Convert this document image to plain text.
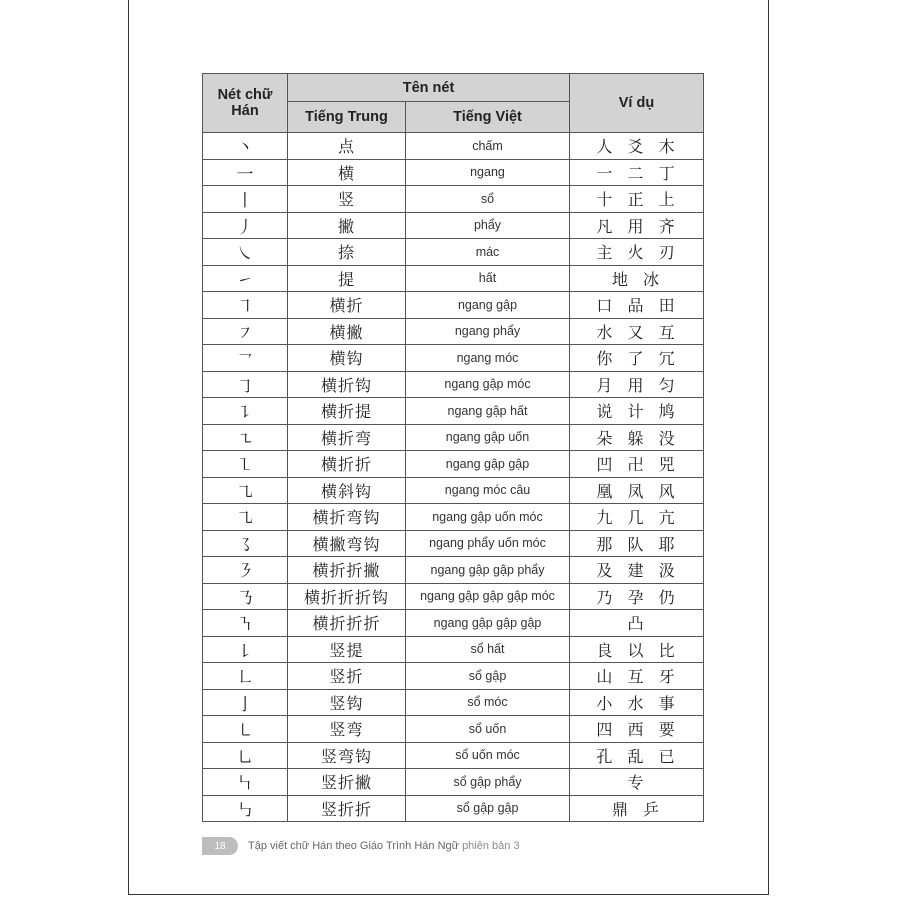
Nét chữ Hán	Tên nét		Ví dụ
	Tiếng Trung	Tiếng Việt	
丶	点	chấm	人 爻 木
一	横	ngang	一 二 丁
丨	竖	sổ	十 正 上
丿	撇	phẩy	凡 用 齐
㇏	捺	mác	主 火 刃
㇀	提	hất	地 冰
㇕	横折	ngang gập	口 品 田
㇇	横撇	ngang phẩy	水 又 互
㇖	横钩	ngang móc	你 了 冗
㇆	横折钩	ngang gập móc	月 用 匀
㇊	横折提	ngang gập hất	说 计 鸠
㇍	横折弯	ngang gập uốn	朵 躲 没
㇅	横折折	ngang gập gập	凹 卍 兕
㇈	横斜钩	ngang móc câu	凰 凤 风
㇈	横折弯钩	ngang gập uốn móc	九 几 亢
㇌	横撇弯钩	ngang phẩy uốn móc	那 队 耶
㇋	横折折撇	ngang gập gập phẩy	及 建 汲
㇡	横折折折钩	ngang gập gập gập móc	乃 孕 仍
㇎	横折折折	ngang gập gập gập	凸
㇙	竖提	sổ hất	良 以 比
㇗	竖折	sổ gập	山 互 牙
亅	竖钩	sổ móc	小 水 事
㇄	竖弯	sổ uốn	四 西 要
㇟	竖弯钩	sổ uốn móc	孔 乱 已
㇞	竖折撇	sổ gập phẩy	专
㇉	竖折折	sổ gập gập	鼎 乒
18	Tập viết chữ Hán theo Giáo Trình Hán Ngữ phiên bản 3
